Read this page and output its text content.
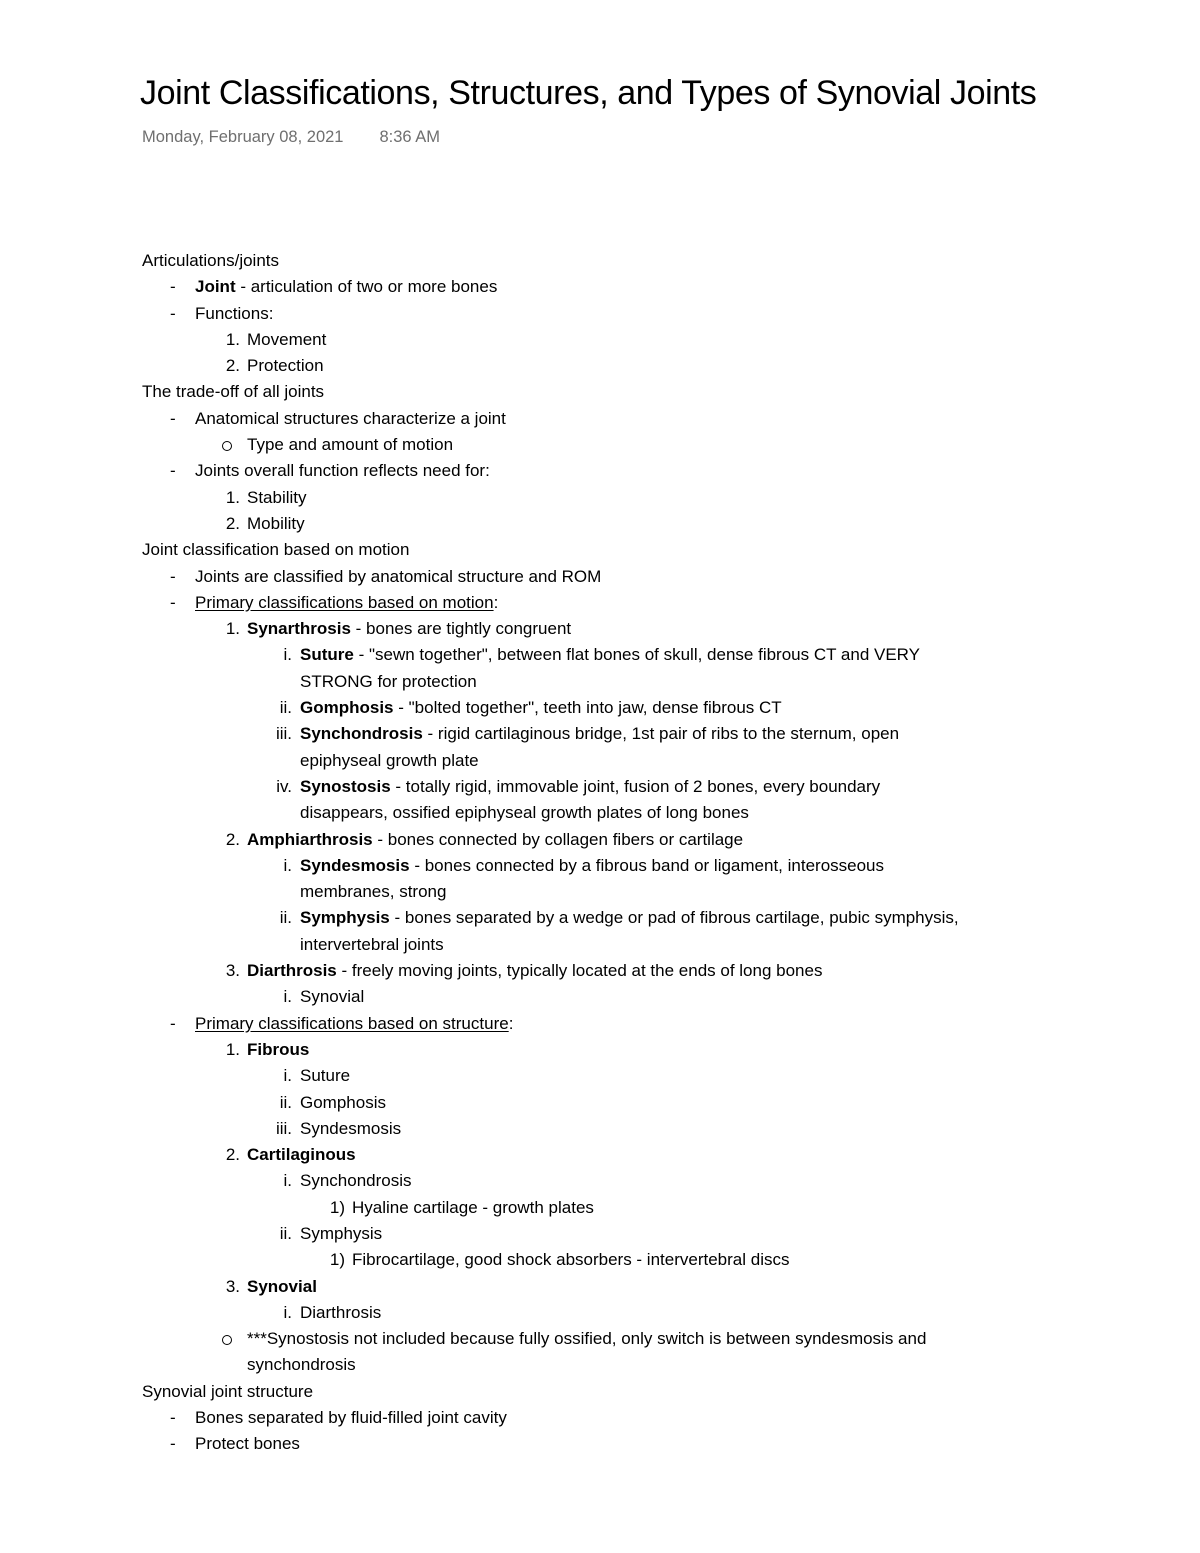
Joint Classifications, Structures, and Types of Synovial Joints
Monday, February 08, 2021 8:36 AM
Articulations/joints
- Joint - articulation of two or more bones
- Functions:
1. Movement
2. Protection
The trade-off of all joints
- Anatomical structures characterize a joint
Type and amount of motion
- Joints overall function reflects need for:
1. Stability
2. Mobility
Joint classification based on motion
- Joints are classified by anatomical structure and ROM
- Primary classifications based on motion:
1. Synarthrosis - bones are tightly congruent
i. Suture - "sewn together", between flat bones of skull, dense fibrous CT and VERY
STRONG for protection
ii. Gomphosis - "bolted together", teeth into jaw, dense fibrous CT
iii. Synchondrosis - rigid cartilaginous bridge, 1st pair of ribs to the sternum, open
epiphyseal growth plate
iv. Synostosis - totally rigid, immovable joint, fusion of 2 bones, every boundary
disappears, ossified epiphyseal growth plates of long bones
2. Amphiarthrosis - bones connected by collagen fibers or cartilage
i. Syndesmosis - bones connected by a fibrous band or ligament, interosseous
membranes, strong
ii. Symphysis - bones separated by a wedge or pad of fibrous cartilage, pubic symphysis,
intervertebral joints
3. Diarthrosis - freely moving joints, typically located at the ends of long bones
i. Synovial
- Primary classifications based on structure:
1. Fibrous
i. Suture
ii. Gomphosis
iii. Syndesmosis
2. Cartilaginous
i. Synchondrosis
1) Hyaline cartilage - growth plates
ii. Symphysis
1) Fibrocartilage, good shock absorbers - intervertebral discs
3. Synovial
i. Diarthrosis
***Synostosis not included because fully ossified, only switch is between syndesmosis and
synchondrosis
Synovial joint structure
- Bones separated by fluid-filled joint cavity
- Protect bones
